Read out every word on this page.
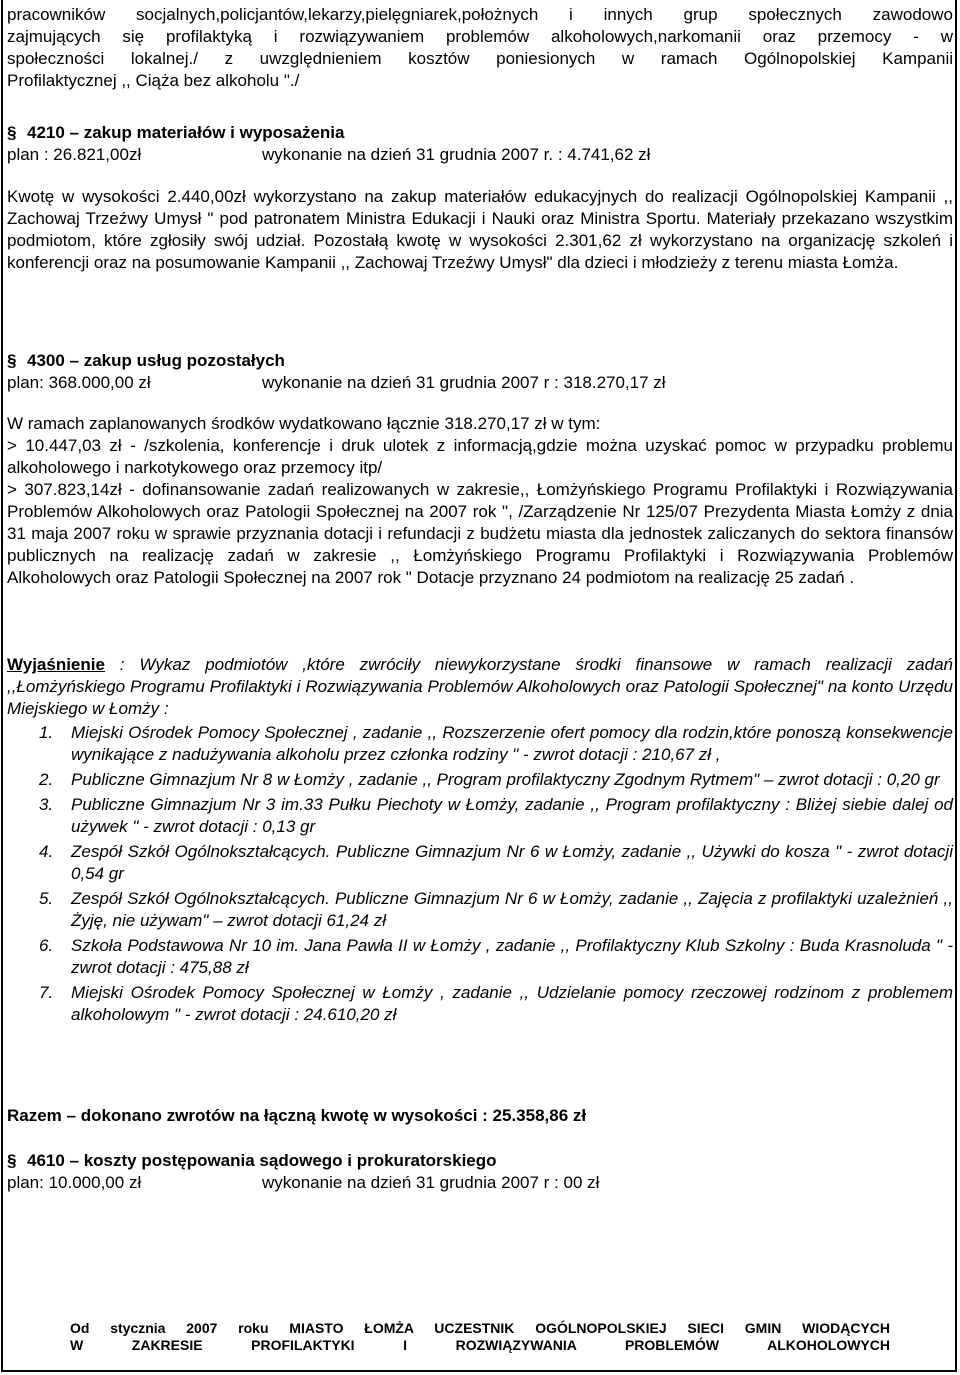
pracowników socjalnych,policjantów,lekarzy,pielęgniarek,położnych i innych grup społecznych zawodowo

zajmujących się profilaktyką i rozwiązywaniem problemów alkoholowych,narkomanii oraz przemocy - w

społeczności lokalnej./ z uwzględnieniem kosztów poniesionych w ramach Ogólnopolskiej Kampanii

Profilaktycznej ,, Ciąża bez alkoholu "./

§ 4210 – zakup materiałów i wyposażenia
plan : 26.821,00zł	wykonanie na dzień 31 grudnia 2007 r. : 4.741,62 zł

Kwotę w wysokości 2.440,00zł wykorzystano na zakup materiałów edukacyjnych do realizacji Ogólnopolskiej Kampanii ,, Zachowaj Trzeźwy Umysł " pod patronatem Ministra Edukacji i Nauki oraz Ministra Sportu. Materiały przekazano wszystkim podmiotom, które zgłosiły swój udział. Pozostałą kwotę w wysokości 2.301,62 zł wykorzystano na organizację szkoleń i konferencji oraz na posumowanie Kampanii ,, Zachowaj Trzeźwy Umysł" dla dzieci i młodzieży z terenu miasta Łomża.

§ 4300 – zakup usług pozostałych
plan: 368.000,00 zł	wykonanie na dzień 31 grudnia 2007 r : 318.270,17 zł

W ramach zaplanowanych środków wydatkowano łącznie 318.270,17 zł w tym:

> 10.447,03 zł - /szkolenia, konferencje i druk ulotek z informacją,gdzie można uzyskać pomoc w przypadku problemu alkoholowego i narkotykowego oraz przemocy itp/

> 307.823,14zł - dofinansowanie zadań realizowanych w zakresie,, Łomżyńskiego Programu Profilaktyki i Rozwiązywania Problemów Alkoholowych oraz Patologii Społecznej na 2007 rok ", /Zarządzenie Nr 125/07 Prezydenta Miasta Łomży z dnia 31 maja 2007 roku w sprawie przyznania dotacji i refundacji z budżetu miasta dla jednostek zaliczanych do sektora finansów publicznych na realizację zadań w zakresie ,, Łomżyńskiego Programu Profilaktyki i Rozwiązywania Problemów Alkoholowych oraz Patologii Społecznej na 2007 rok " Dotacje przyznano 24 podmiotom na realizację 25 zadań .

Wyjaśnienie : Wykaz podmiotów ,które zwróciły niewykorzystane środki finansowe w ramach realizacji zadań ,,Łomżyńskiego Programu Profilaktyki i Rozwiązywania Problemów Alkoholowych oraz Patologii Społecznej" na konto Urzędu Miejskiego w Łomży :

1.	Miejski Ośrodek Pomocy Społecznej , zadanie ,, Rozszerzenie ofert pomocy dla rodzin,które ponoszą konsekwencje wynikające z nadużywania alkoholu przez członka rodziny " - zwrot dotacji : 210,67 zł ,
2.	Publiczne Gimnazjum Nr 8 w Łomży , zadanie ,, Program profilaktyczny Zgodnym Rytmem" – zwrot dotacji : 0,20 gr
3.	Publiczne Gimnazjum Nr 3 im.33 Pułku Piechoty w Łomży, zadanie ,, Program profilaktyczny : Bliżej siebie dalej od używek " - zwrot dotacji : 0,13 gr
4.	Zespół Szkół Ogólnokształcących. Publiczne Gimnazjum Nr 6 w Łomży, zadanie ,, Używki do kosza " - zwrot dotacji 0,54 gr
5.	Zespół Szkół Ogólnokształcących. Publiczne Gimnazjum Nr 6 w Łomży, zadanie ,, Zajęcia z profilaktyki uzależnień ,, Żyję, nie używam" – zwrot dotacji 61,24 zł
6.	Szkoła Podstawowa Nr 10 im. Jana Pawła II w Łomży , zadanie ,, Profilaktyczny Klub Szkolny : Buda Krasnoluda " - zwrot dotacji : 475,88 zł
7.	Miejski Ośrodek Pomocy Społecznej w Łomży , zadanie ,, Udzielanie pomocy rzeczowej rodzinom z problemem alkoholowym " - zwrot dotacji : 24.610,20 zł

Razem – dokonano zwrotów na łączną kwotę w wysokości : 25.358,86 zł

§ 4610 – koszty postępowania sądowego i prokuratorskiego
plan: 10.000,00 zł	wykonanie na dzień 31 grudnia 2007 r : 00 zł

Od stycznia 2007 roku MIASTO ŁOMŻA UCZESTNIK OGÓLNOPOLSKIEJ SIECI GMIN WIODĄCYCH

W ZAKRESIE PROFILAKTYKI I ROZWIĄZYWANIA PROBLEMÓW ALKOHOLOWYCH
